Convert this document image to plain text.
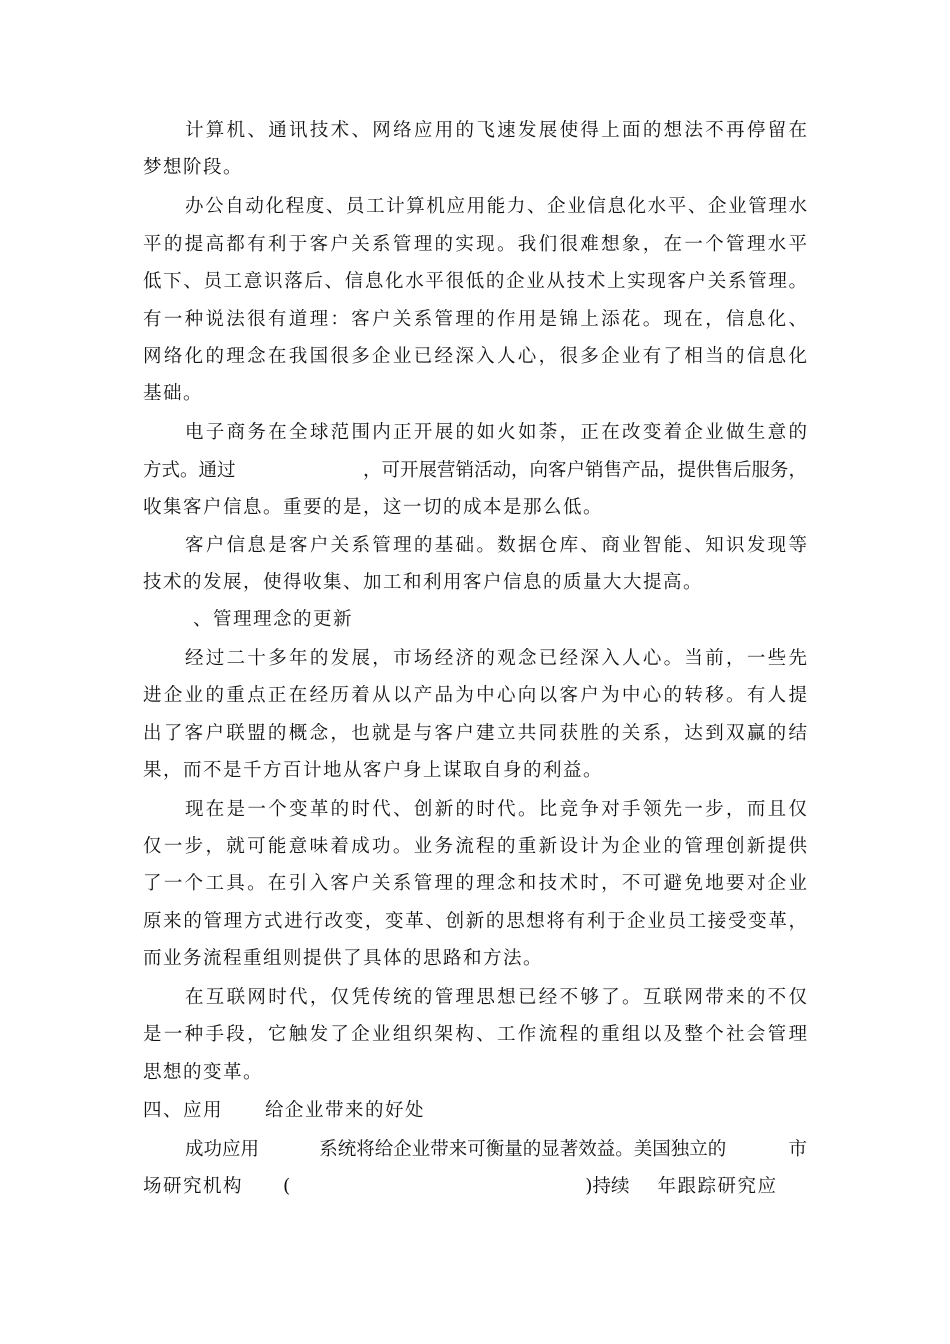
计算机、通讯技术、网络应用的飞速发展使得上面的想法不再停留在
梦想阶段。
办公自动化程度、员工计算机应用能力、企业信息化水平、企业管理水
平的提高都有利于客户关系管理的实现。我们很难想象，在一个管理水平
低下、员工意识落后、信息化水平很低的企业从技术上实现客户关系管理。
有一种说法很有道理：客户关系管理的作用是锦上添花。现在，信息化、
网络化的理念在我国很多企业已经深入人心，很多企业有了相当的信息化
基础。
电子商务在全球范围内正开展的如火如荼，正在改变着企业做生意的
方式。通过	，可开展营销活动，向客户销售产品，提供售后服务，
收集客户信息。重要的是，这一切的成本是那么低。
客户信息是客户关系管理的基础。数据仓库、商业智能、知识发现等
技术的发展，使得收集、加工和利用客户信息的质量大大提高。
、管理理念的更新
经过二十多年的发展，市场经济的观念已经深入人心。当前，一些先
进企业的重点正在经历着从以产品为中心向以客户为中心的转移。有人提
出了客户联盟的概念，也就是与客户建立共同获胜的关系，达到双赢的结
果，而不是千方百计地从客户身上谋取自身的利益。
现在是一个变革的时代、创新的时代。比竞争对手领先一步，而且仅
仅一步，就可能意味着成功。业务流程的重新设计为企业的管理创新提供
了一个工具。在引入客户关系管理的理念和技术时，不可避免地要对企业
原来的管理方式进行改变，变革、创新的思想将有利于企业员工接受变革，
而业务流程重组则提供了具体的思路和方法。
在互联网时代，仅凭传统的管理思想已经不够了。互联网带来的不仅
是一种手段，它触发了企业组织架构、工作流程的重组以及整个社会管理
思想的变革。
四、应用 给企业带来的好处
成功应用	系统将给企业带来可衡量的显著效益。美国独立的	市
场研究机构 (	)持续 年跟踪研究应
